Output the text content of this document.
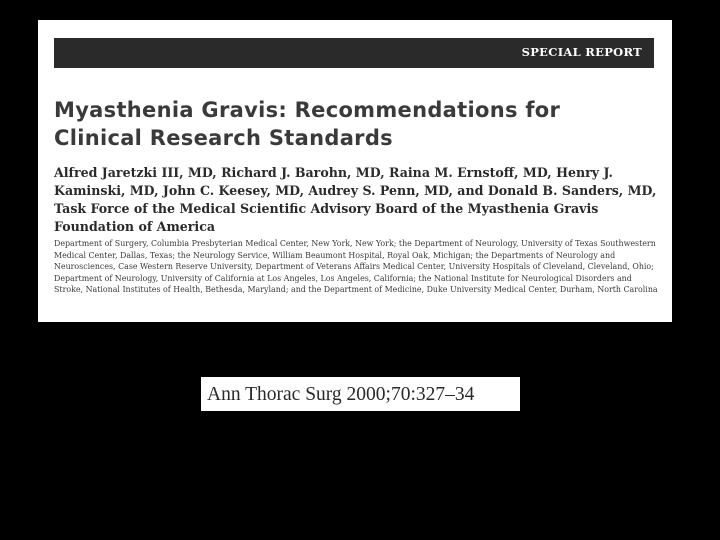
SPECIAL REPORT
Myasthenia Gravis: Recommendations for Clinical Research Standards

Alfred Jaretzki III, MD, Richard J. Barohn, MD, Raina M. Ernstoff, MD, Henry J. Kaminski, MD, John C. Keesey, MD, Audrey S. Penn, MD, and Donald B. Sanders, MD, Task Force of the Medical Scientific Advisory Board of the Myasthenia Gravis Foundation of America

Department of Surgery, Columbia Presbyterian Medical Center, New York, New York; the Department of Neurology, University of Texas Southwestern Medical Center, Dallas, Texas; the Neurology Service, William Beaumont Hospital, Royal Oak, Michigan; the Departments of Neurology and Neurosciences, Case Western Reserve University, Department of Veterans Affairs Medical Center, University Hospitals of Cleveland, Cleveland, Ohio; Department of Neurology, University of California at Los Angeles, Los Angeles, California; the National Institute for Neurological Disorders and Stroke, National Institutes of Health, Bethesda, Maryland; and the Department of Medicine, Duke University Medical Center, Durham, North Carolina

Ann Thorac Surg 2000;70:327–34
